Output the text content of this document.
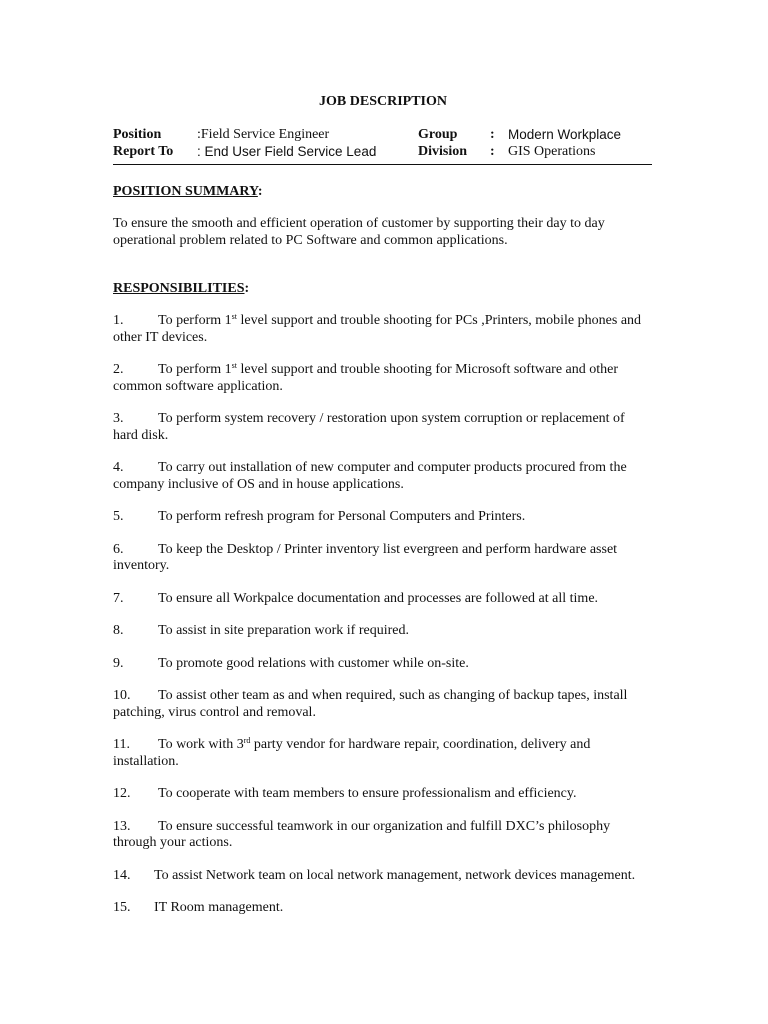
JOB DESCRIPTION
Position	:Field Service Engineer	Group : Modern Workplace
Report To : End User Field Service Lead	Division : GIS Operations
POSITION SUMMARY:

To ensure the smooth and efficient operation of customer by supporting their day to day operational problem related to PC Software and common applications.

RESPONSIBILITIES:
1. To perform 1st level support and trouble shooting for PCs ,Printers, mobile phones and other IT devices.
2. To perform 1st level support and trouble shooting for Microsoft software and other common software application.
3. To perform system recovery / restoration upon system corruption or replacement of hard disk.
4. To carry out installation of new computer and computer products procured from the company inclusive of OS and in house applications.
5. To perform refresh program for Personal Computers and Printers.
6. To keep the Desktop / Printer inventory list evergreen and perform hardware asset inventory.
7. To ensure all Workpalce documentation and processes are followed at all time.
8. To assist in site preparation work if required.
9. To promote good relations with customer while on-site.
10. To assist other team as and when required, such as changing of backup tapes, install patching, virus control and removal.
11. To work with 3rd party vendor for hardware repair, coordination, delivery and installation.
12. To cooperate with team members to ensure professionalism and efficiency.
13. To ensure successful teamwork in our organization and fulfill DXC’s philosophy through your actions.
14. To assist Network team on local network management, network devices management.
15. IT Room management.
